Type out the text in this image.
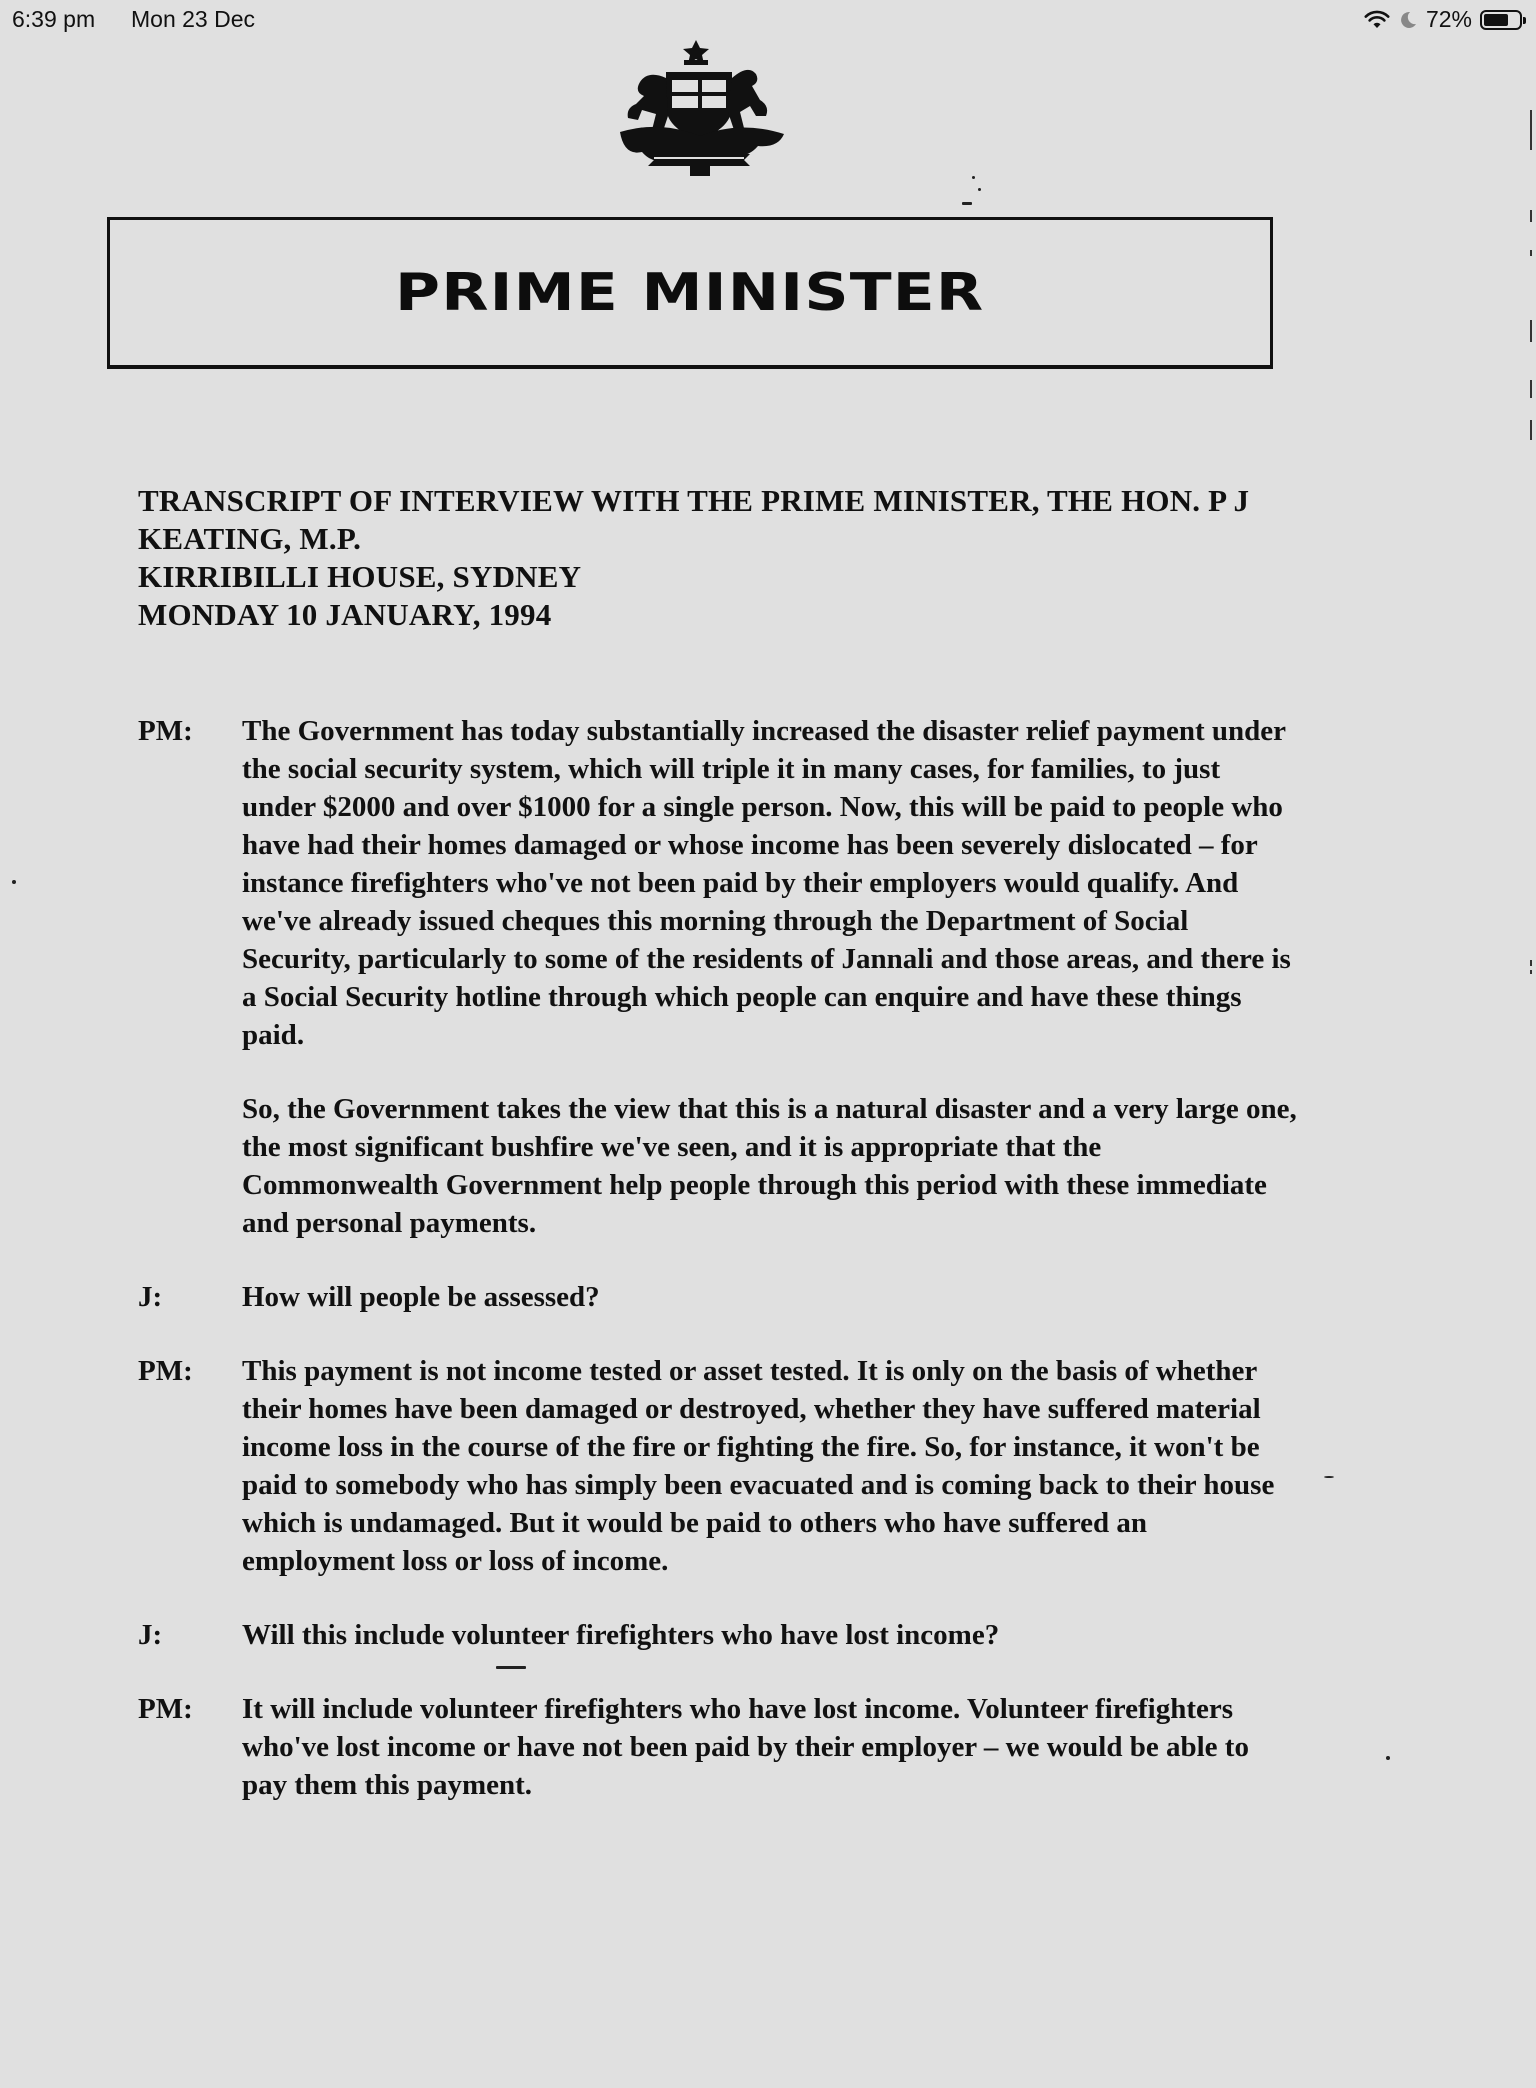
6:39 pm Mon 23 Dec	72%
PRIME MINISTER
TRANSCRIPT OF INTERVIEW WITH THE PRIME MINISTER, THE HON. P J
KEATING, M.P.
KIRRIBILLI HOUSE, SYDNEY
MONDAY 10 JANUARY, 1994
PM:	The Government has today substantially increased the disaster relief payment under the social security system, which will triple it in many cases, for families, to just under $2000 and over $1000 for a single person. Now, this will be paid to people who have had their homes damaged or whose income has been severely dislocated – for instance firefighters who've not been paid by their employers would qualify. And we've already issued cheques this morning through the Department of Social Security, particularly to some of the residents of Jannali and those areas, and there is a Social Security hotline through which people can enquire and have these things paid.

So, the Government takes the view that this is a natural disaster and a very large one, the most significant bushfire we've seen, and it is appropriate that the Commonwealth Government help people through this period with these immediate and personal payments.

J:	How will people be assessed?

PM:	This payment is not income tested or asset tested. It is only on the basis of whether their homes have been damaged or destroyed, whether they have suffered material income loss in the course of the fire or fighting the fire. So, for instance, it won't be paid to somebody who has simply been evacuated and is coming back to their house which is undamaged. But it would be paid to others who have suffered an employment loss or loss of income.

J:	Will this include volunteer firefighters who have lost income?

PM:	It will include volunteer firefighters who have lost income. Volunteer firefighters who've lost income or have not been paid by their employer – we would be able to pay them this payment.
